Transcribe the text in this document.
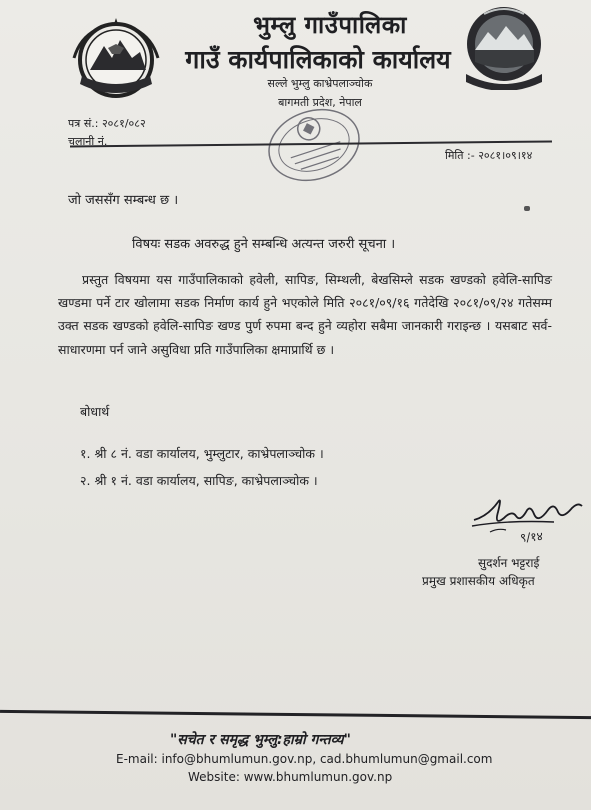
भुम्लु गाउँपालिका
गाउँ कार्यपालिकाको कार्यालय
सल्ले भुम्लु काभ्रेपलाञ्चोक
बागमती प्रदेश, नेपाल
पत्र सं.: २०८१/०८२
चलानी नं.
मिति :- २०८१।०९।१४
जो जससँग सम्बन्ध छ ।
विषयः सडक अवरुद्ध हुने सम्बन्धि अत्यन्त जरुरी सूचना ।

प्रस्तुत विषयमा यस गाउँपालिकाको हवेली, सापिङ, सिम्थली, बेखसिम्ले सडक खण्डको हवेलि-सापिङ खण्डमा पर्ने टार खोलामा सडक निर्माण कार्य हुने भएकोले मिति २०८१/०९/१६ गतेदेखि २०८१/०९/२४ गतेसम्म उक्त सडक खण्डको हवेलि-सापिङ खण्ड पुर्ण रुपमा बन्द हुने व्यहोरा सबैमा जानकारी गराइन्छ । यसबाट सर्व-साधारणमा पर्न जाने असुविधा प्रति गाउँपालिका क्षमाप्रार्थि छ ।

बोधार्थ
१. श्री ८ नं. वडा कार्यालय, भुम्लुटार, काभ्रेपलाञ्चोक ।
२. श्री १ नं. वडा कार्यालय, सापिङ, काभ्रेपलाञ्चोक ।
९/१४
सुदर्शन भट्टराई
प्रमुख प्रशासकीय अधिकृत
"सचेत र समृद्ध भुम्लु:हाम्रो गन्तव्य"
E-mail: info@bhumlumun.gov.np, cad.bhumlumun@gmail.com
Website: www.bhumlumun.gov.np
